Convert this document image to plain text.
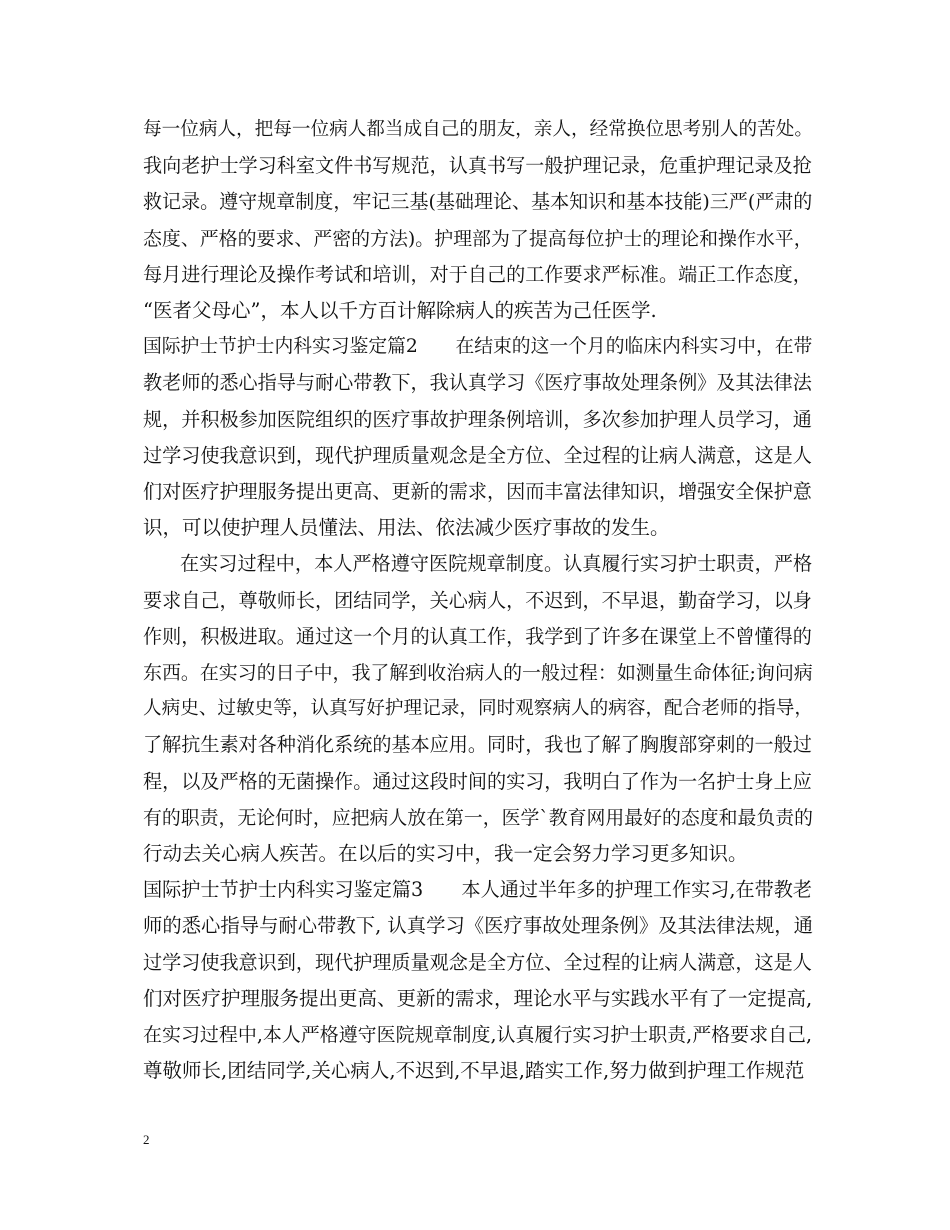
每一位病人，把每一位病人都当成自己的朋友，亲人，经常换位思考别人的苦处。
我向老护士学习科室文件书写规范，认真书写一般护理记录，危重护理记录及抢
救记录。遵守规章制度，牢记三基(基础理论、基本知识和基本技能)三严(严肃的
态度、严格的要求、严密的方法)。护理部为了提高每位护士的理论和操作水平，
每月进行理论及操作考试和培训，对于自己的工作要求严标准。端正工作态度，
“医者父母心”，本人以千方百计解除病人的疾苦为己任医学.
国际护士节护士内科实习鉴定篇2　　在结束的这一个月的临床内科实习中，在带
教老师的悉心指导与耐心带教下，我认真学习《医疗事故处理条例》及其法律法
规，并积极参加医院组织的医疗事故护理条例培训，多次参加护理人员学习，通
过学习使我意识到，现代护理质量观念是全方位、全过程的让病人满意，这是人
们对医疗护理服务提出更高、更新的需求，因而丰富法律知识，增强安全保护意
识，可以使护理人员懂法、用法、依法减少医疗事故的发生。
在实习过程中，本人严格遵守医院规章制度。认真履行实习护士职责，严格
要求自己，尊敬师长，团结同学，关心病人，不迟到，不早退，勤奋学习，以身
作则，积极进取。通过这一个月的认真工作，我学到了许多在课堂上不曾懂得的
东西。在实习的日子中，我了解到收治病人的一般过程：如测量生命体征;询问病
人病史、过敏史等，认真写好护理记录，同时观察病人的病容，配合老师的指导，
了解抗生素对各种消化系统的基本应用。同时，我也了解了胸腹部穿刺的一般过
程，以及严格的无菌操作。通过这段时间的实习，我明白了作为一名护士身上应
有的职责，无论何时，应把病人放在第一，医学`教育网用最好的态度和最负责的
行动去关心病人疾苦。在以后的实习中，我一定会努力学习更多知识。
国际护士节护士内科实习鉴定篇3　　本人通过半年多的护理工作实习,在带教老
师的悉心指导与耐心带教下, 认真学习《医疗事故处理条例》及其法律法规，通
过学习使我意识到，现代护理质量观念是全方位、全过程的让病人满意，这是人
们对医疗护理服务提出更高、更新的需求，理论水平与实践水平有了一定提高,
在实习过程中,本人严格遵守医院规章制度,认真履行实习护士职责,严格要求自己,
尊敬师长,团结同学,关心病人,不迟到,不早退,踏实工作,努力做到护理工作规范
2
